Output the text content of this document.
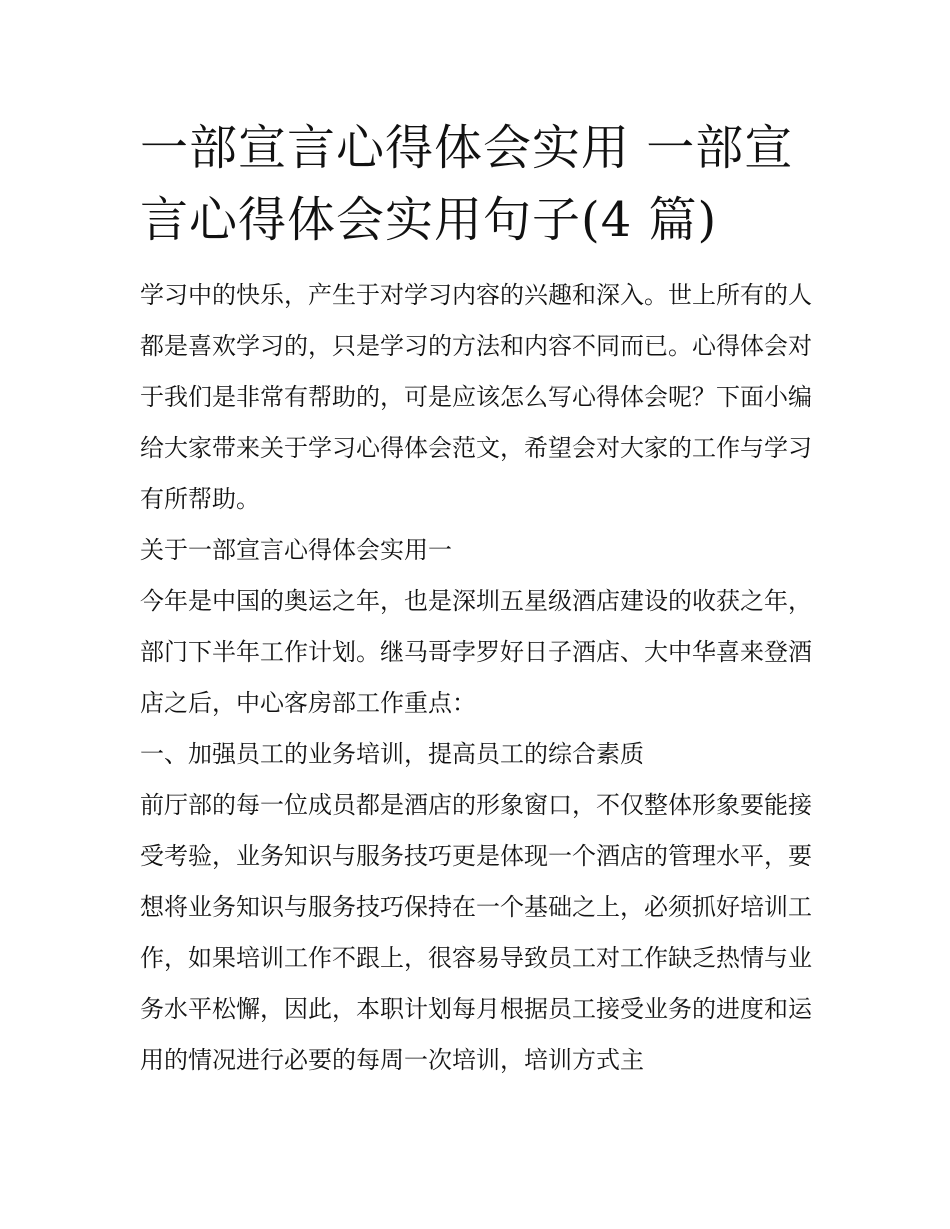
一部宣言心得体会实用 一部宣言心得体会实用句子(4 篇)

学习中的快乐，产生于对学习内容的兴趣和深入。世上所有的人都是喜欢学习的，只是学习的方法和内容不同而已。心得体会对于我们是非常有帮助的，可是应该怎么写心得体会呢？下面小编给大家带来关于学习心得体会范文，希望会对大家的工作与学习有所帮助。

关于一部宣言心得体会实用一

今年是中国的奥运之年，也是深圳五星级酒店建设的收获之年，部门下半年工作计划。继马哥孛罗好日子酒店、大中华喜来登酒店之后，中心客房部工作重点：

一、加强员工的业务培训，提高员工的综合素质

前厅部的每一位成员都是酒店的形象窗口，不仅整体形象要能接受考验，业务知识与服务技巧更是体现一个酒店的管理水平，要想将业务知识与服务技巧保持在一个基础之上，必须抓好培训工作，如果培训工作不跟上，很容易导致员工对工作缺乏热情与业务水平松懈，因此，本职计划每月根据员工接受业务的进度和运用的情况进行必要的每周一次培训，培训方式主
